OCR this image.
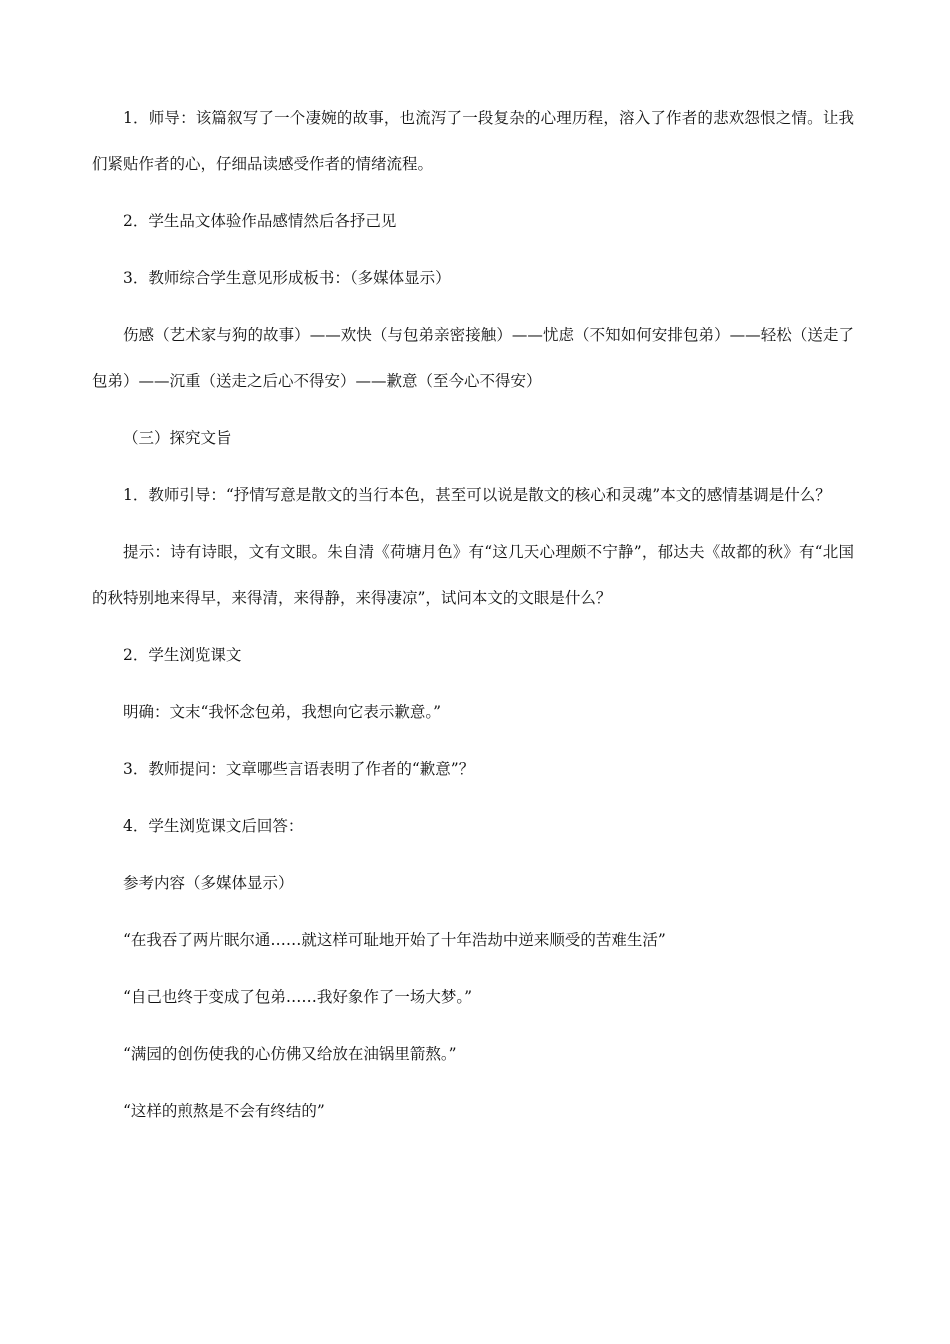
1．师导：该篇叙写了一个凄婉的故事，也流泻了一段复杂的心理历程，溶入了作者的悲欢怨恨之情。让我们紧贴作者的心，仔细品读感受作者的情绪流程。

2．学生品文体验作品感情然后各抒己见

3．教师综合学生意见形成板书：（多媒体显示）

伤感（艺术家与狗的故事）——欢快（与包弟亲密接触）——忧虑（不知如何安排包弟）——轻松（送走了包弟）——沉重（送走之后心不得安）——歉意（至今心不得安）

（三）探究文旨

1．教师引导：“抒情写意是散文的当行本色，甚至可以说是散文的核心和灵魂”本文的感情基调是什么？

提示：诗有诗眼，文有文眼。朱自清《荷塘月色》有“这几天心理颇不宁静”，郁达夫《故都的秋》有“北国的秋特别地来得早，来得清，来得静，来得凄凉”，试问本文的文眼是什么？

2．学生浏览课文

明确：文末“我怀念包弟，我想向它表示歉意。”

3．教师提问：文章哪些言语表明了作者的“歉意”？

4．学生浏览课文后回答：

参考内容（多媒体显示）

“在我吞了两片眠尔通……就这样可耻地开始了十年浩劫中逆来顺受的苦难生活”

“自己也终于变成了包弟……我好象作了一场大梦。”

“满园的创伤使我的心仿佛又给放在油锅里箭熬。”

“这样的煎熬是不会有终结的”
